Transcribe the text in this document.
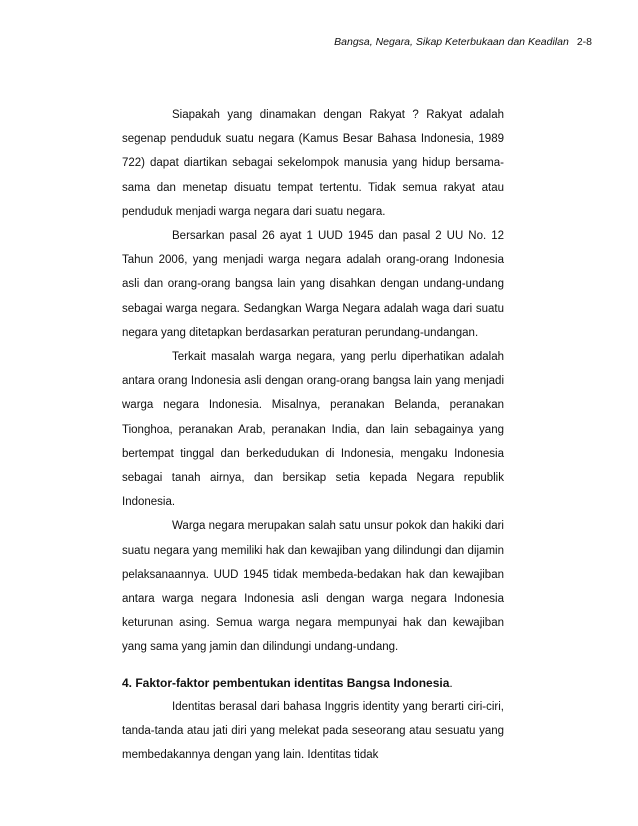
Bangsa, Negara, Sikap Keterbukaan dan Keadilan 2-8

Siapakah yang dinamakan dengan Rakyat ? Rakyat adalah segenap penduduk suatu negara (Kamus Besar Bahasa Indonesia, 1989 722) dapat diartikan sebagai sekelompok manusia yang hidup bersama-sama dan menetap disuatu tempat tertentu. Tidak semua rakyat atau penduduk menjadi warga negara dari suatu negara.

Bersarkan pasal 26 ayat 1 UUD 1945 dan pasal 2 UU No. 12 Tahun 2006, yang menjadi warga negara adalah orang-orang Indonesia asli dan orang-orang bangsa lain yang disahkan dengan undang-undang sebagai warga negara. Sedangkan Warga Negara adalah waga dari suatu negara yang ditetapkan berdasarkan peraturan perundang-undangan.

Terkait masalah warga negara, yang perlu diperhatikan adalah antara orang Indonesia asli dengan orang-orang bangsa lain yang menjadi warga negara Indonesia. Misalnya, peranakan Belanda, peranakan Tionghoa, peranakan Arab, peranakan India, dan lain sebagainya yang bertempat tinggal dan berkedudukan di Indonesia, mengaku Indonesia sebagai tanah airnya, dan bersikap setia kepada Negara republik Indonesia.

Warga negara merupakan salah satu unsur pokok dan hakiki dari suatu negara yang memiliki hak dan kewajiban yang dilindungi dan dijamin pelaksanaannya. UUD 1945 tidak membeda-bedakan hak dan kewajiban antara warga negara Indonesia asli dengan warga negara Indonesia keturunan asing. Semua warga negara mempunyai hak dan kewajiban yang sama yang jamin dan dilindungi undang-undang.

4. Faktor-faktor pembentukan identitas Bangsa Indonesia.

Identitas berasal dari bahasa Inggris identity yang berarti ciri-ciri, tanda-tanda atau jati diri yang melekat pada seseorang atau sesuatu yang membedakannya dengan yang lain. Identitas tidak
